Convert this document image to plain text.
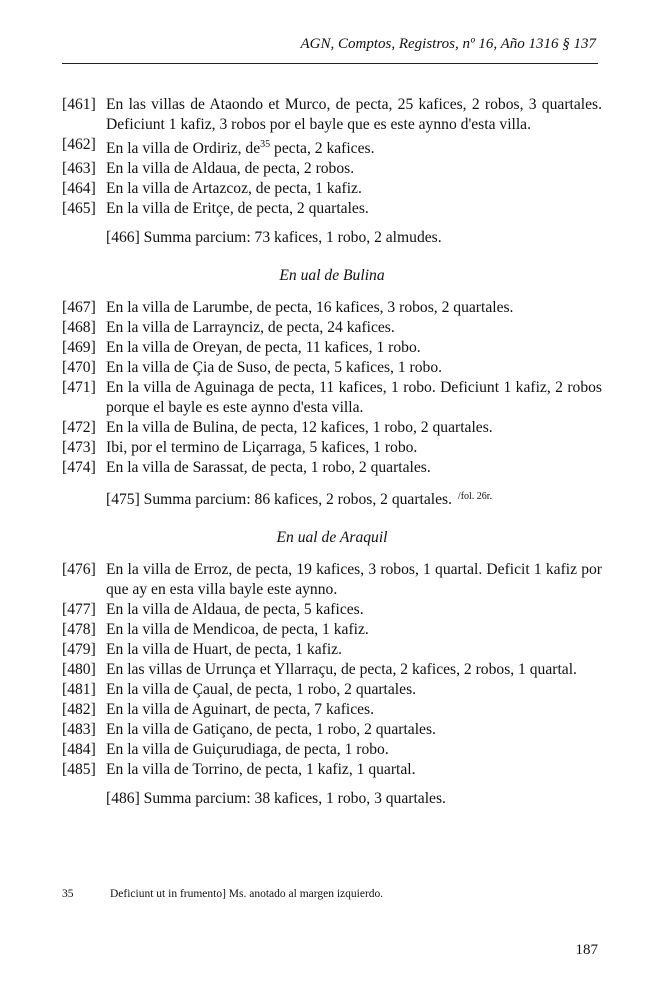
AGN, Comptos, Registros, nº 16, Año 1316 § 137
[461] En las villas de Ataondo et Murco, de pecta, 25 kafices, 2 robos, 3 quartales. Deficiunt 1 kafiz, 3 robos por el bayle que es este aynno d'esta villa.
[462] En la villa de Ordiriz, $de^{35}$ pecta, 2 kafices.
[463] En la villa de Aldaua, de pecta, 2 robos.
[464] En la villa de Artazcoz, de pecta, 1 kafiz.
[465] En la villa de Eritçe, de pecta, 2 quartales.
[466] Summa parcium: 73 kafices, 1 robo, 2 almudes.
En ual de Bulina
[467] En la villa de Larumbe, de pecta, 16 kafices, 3 robos, 2 quartales.
[468] En la villa de Larraynciz, de pecta, 24 kafices.
[469] En la villa de Oreyan, de pecta, 11 kafices, 1 robo.
[470] En la villa de Çia de Suso, de pecta, 5 kafices, 1 robo.
[471] En la villa de Aguinaga de pecta, 11 kafices, 1 robo. Deficiunt 1 kafiz, 2 robos porque el bayle es este aynno d'esta villa.
[472] En la villa de Bulina, de pecta, 12 kafices, 1 robo, 2 quartales.
[473] Ibi, por el termino de Liçarraga, 5 kafices, 1 robo.
[474] En la villa de Sarassat, de pecta, 1 robo, 2 quartales.
[475] Summa parcium: 86 kafices, 2 robos, 2 quartales. $^{/fol. 26r.}$
En ual de Araquil
[476] En la villa de Erroz, de pecta, 19 kafices, 3 robos, 1 quartal. Deficit 1 kafiz por que ay en esta villa bayle este aynno.
[477] En la villa de Aldaua, de pecta, 5 kafices.
[478] En la villa de Mendicoa, de pecta, 1 kafiz.
[479] En la villa de Huart, de pecta, 1 kafiz.
[480] En las villas de Urrunça et Yllarraçu, de pecta, 2 kafices, 2 robos, 1 quartal.
[481] En la villa de Çaual, de pecta, 1 robo, 2 quartales.
[482] En la villa de Aguinart, de pecta, 7 kafices.
[483] En la villa de Gatiçano, de pecta, 1 robo, 2 quartales.
[484] En la villa de Guiçurudiaga, de pecta, 1 robo.
[485] En la villa de Torrino, de pecta, 1 kafiz, 1 quartal.
[486] Summa parcium: 38 kafices, 1 robo, 3 quartales.
35	Deficiunt ut in frumento] Ms. anotado al margen izquierdo.
187
